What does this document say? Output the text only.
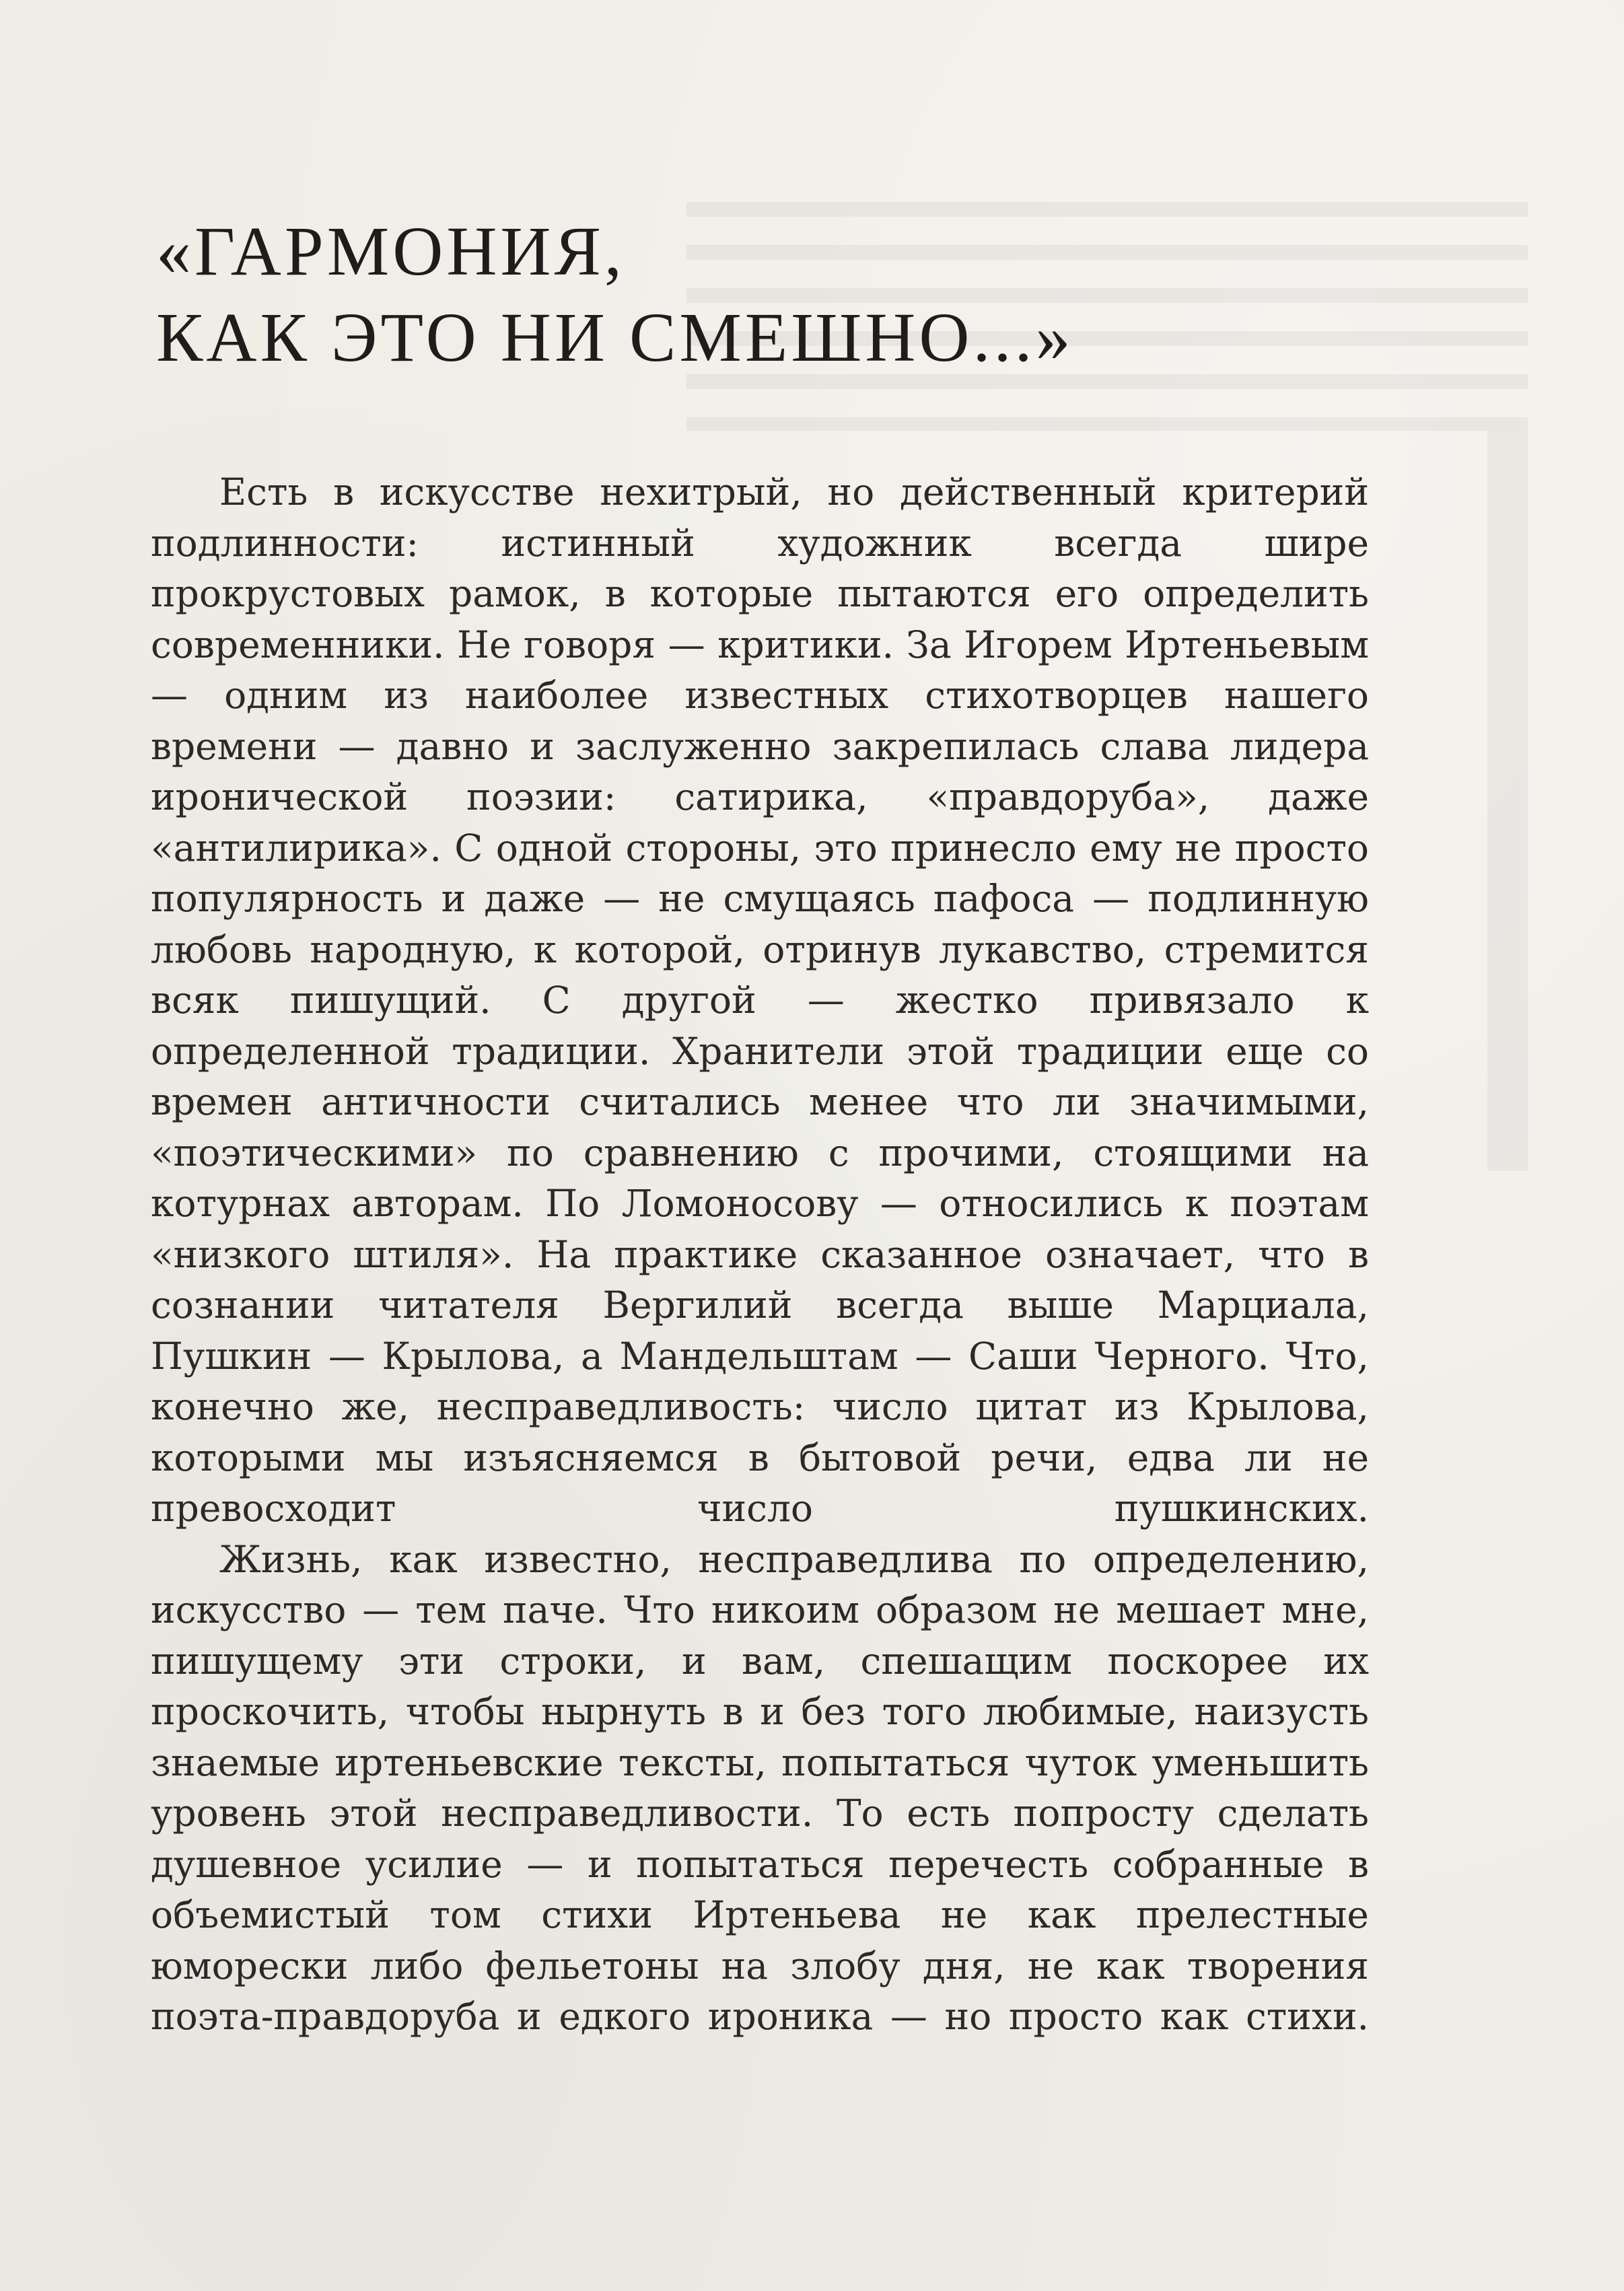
«ГАРМОНИЯ,
КАК ЭТО НИ СМЕШНО...»

Есть в искусстве нехитрый, но действенный критерий подлинности: истинный художник всегда шире прокрустовых рамок, в которые пытаются его определить современники. Не говоря — критики. За Игорем Иртеньевым — одним из наиболее известных стихотворцев нашего времени — давно и заслуженно закрепилась слава лидера иронической поэзии: сатирика, «правдоруба», даже «антилирика». С одной стороны, это принесло ему не просто популярность и даже — не смущаясь пафоса — подлинную любовь народную, к которой, отринув лукавство, стремится всяк пишущий. С другой — жестко привязало к определенной традиции. Хранители этой традиции еще со времен античности считались менее что ли значимыми, «поэтическими» по сравнению с прочими, стоящими на котурнах авторам. По Ломоносову — относились к поэтам «низкого штиля». На практике сказанное означает, что в сознании читателя Вергилий всегда выше Марциала, Пушкин — Крылова, а Мандельштам — Саши Черного. Что, конечно же, несправедливость: число цитат из Крылова, которыми мы изъясняемся в бытовой речи, едва ли не превосходит число пушкинских.

Жизнь, как известно, несправедлива по определению, искусство — тем паче. Что никоим образом не мешает мне, пишущему эти строки, и вам, спешащим поскорее их проскочить, чтобы нырнуть в и без того любимые, наизусть знаемые иртеньевские тексты, попытаться чуток уменьшить уровень этой несправедливости. То есть попросту сделать душевное усилие — и попытаться перечесть собранные в объемистый том стихи Иртеньева не как прелестные юморески либо фельетоны на злобу дня, не как творения поэта-правдоруба и едкого ироника — но просто как стихи.
